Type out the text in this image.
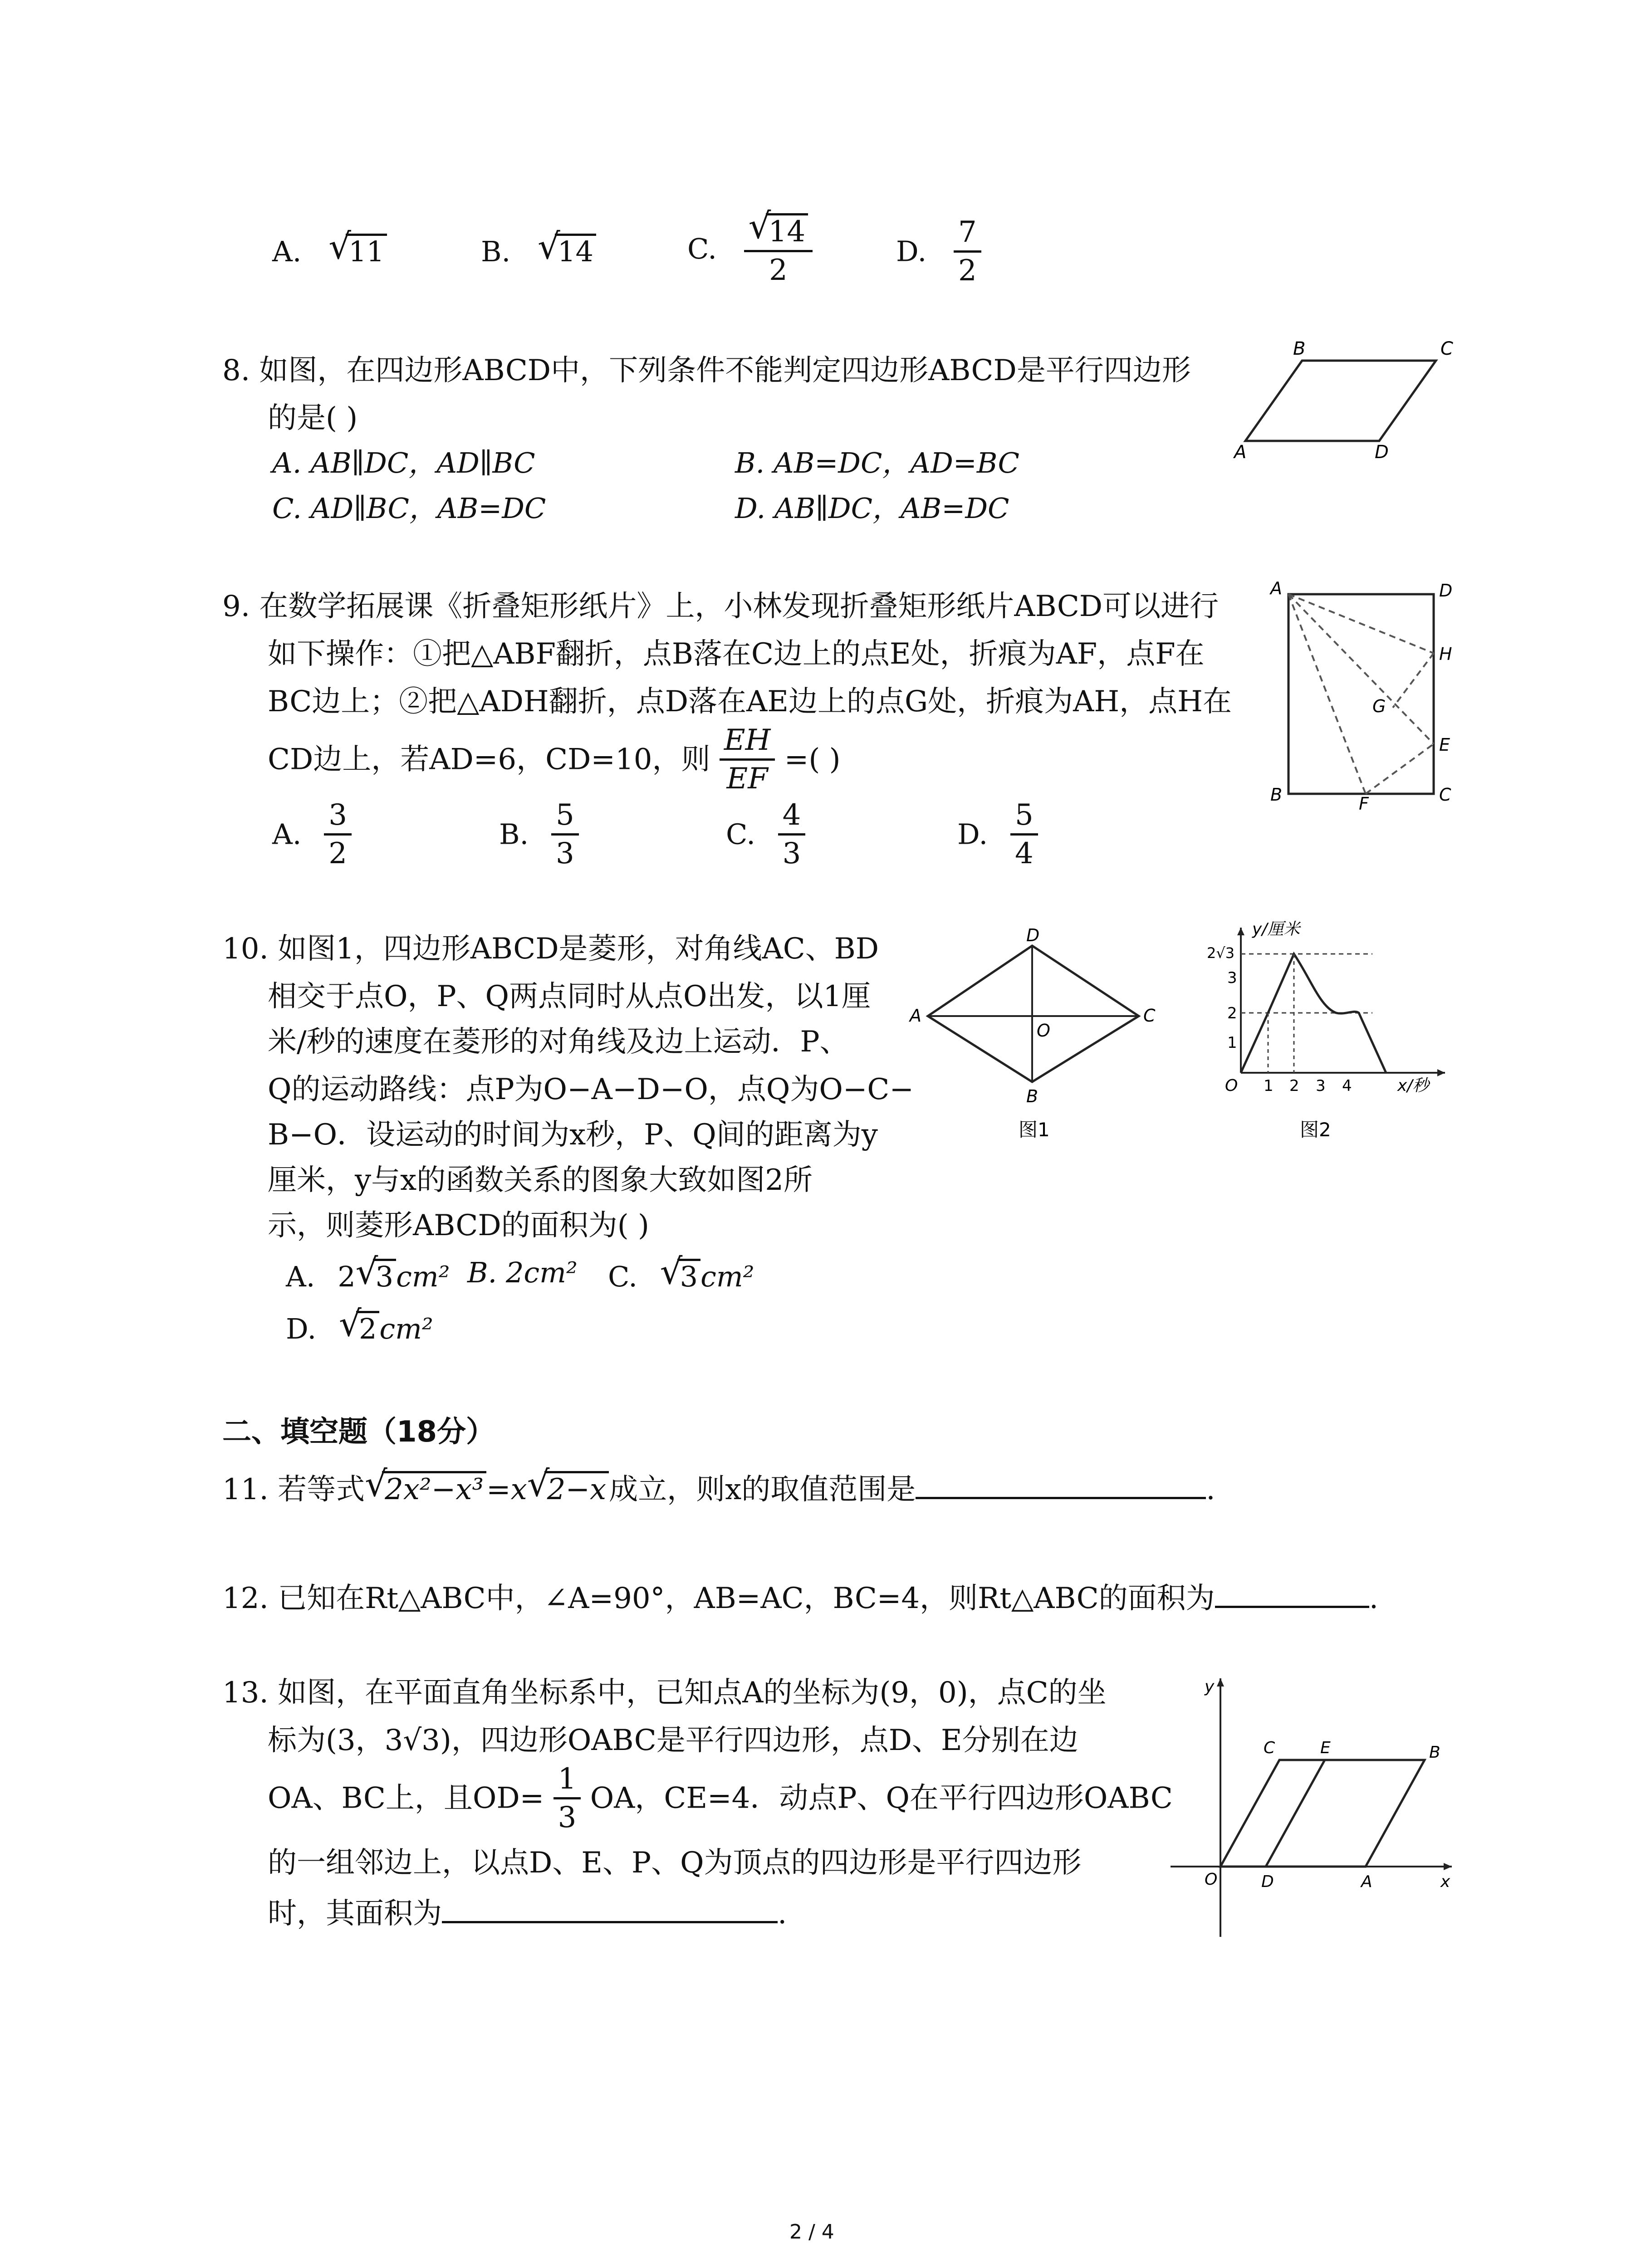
A. √
11	B. √
14	C. √
14
2	D. $\frac{7}{2}$
8. 如图，在四边形ABCD中，下列条件不能判定四边形ABCD是平行四边形
的是( )
A. AB∥DC，AD∥BC	B. AB=DC，AD=BC
C. AD∥BC，AB=DC	D. AB∥DC，AB=DC
B	C
A	D
9. 在数学拓展课《折叠矩形纸片》上，小林发现折叠矩形纸片ABCD可以进行
如下操作：①把△ABF翻折，点B落在C边上的点E处，折痕为AF，点F在
BC边上；②把△ADH翻折，点D落在AE边上的点G处，折痕为AH，点H在
CD边上，若AD=6，CD=10，则 $\frac{EH}{EF}$ =( )
A. $\frac{3}{2}$	B. $\frac{5}{3}$	C. $\frac{4}{3}$	D. $\frac{5}{4}$
A	D
H
G
E
B	F	C
10. 如图1，四边形ABCD是菱形，对角线AC、BD
相交于点O，P、Q两点同时从点O出发，以1厘
米/秒的速度在菱形的对角线及边上运动．P、
Q的运动路线：点P为O−A−D−O，点Q为O−C−
B−O．设运动的时间为x秒，P、Q间的距离为y
厘米，y与x的函数关系的图象大致如图2所
示，则菱形ABCD的面积为( )
A. 2 √
3cm² B. 2cm² C. √
3cm²
D. √
2cm²
D
A
O
C
B
图1
y/厘米
2√3
3
2
1
O 1 2 3 4	x/秒
图2
二、填空题（18分）
11. 若等式 √
2x²−x³=x √
2−x成立，则x的取值范围是	.
12. 已知在Rt△ABC中，∠A=90°，AB=AC，BC=4，则Rt△ABC的面积为	.
13. 如图，在平面直角坐标系中，已知点A的坐标为(9，0)，点C的坐
标为(3，3√3)，四边形OABC是平行四边形，点D、E分别在边
OA、BC上，且$OD= \frac{1}{3}$ OA，CE=4．动点P、Q在平行四边形OABC
的一组邻边上，以点D、E、P、Q为顶点的四边形是平行四边形
时，其面积为	.
y
C	E	B
O	D	A	x
2 / 4
